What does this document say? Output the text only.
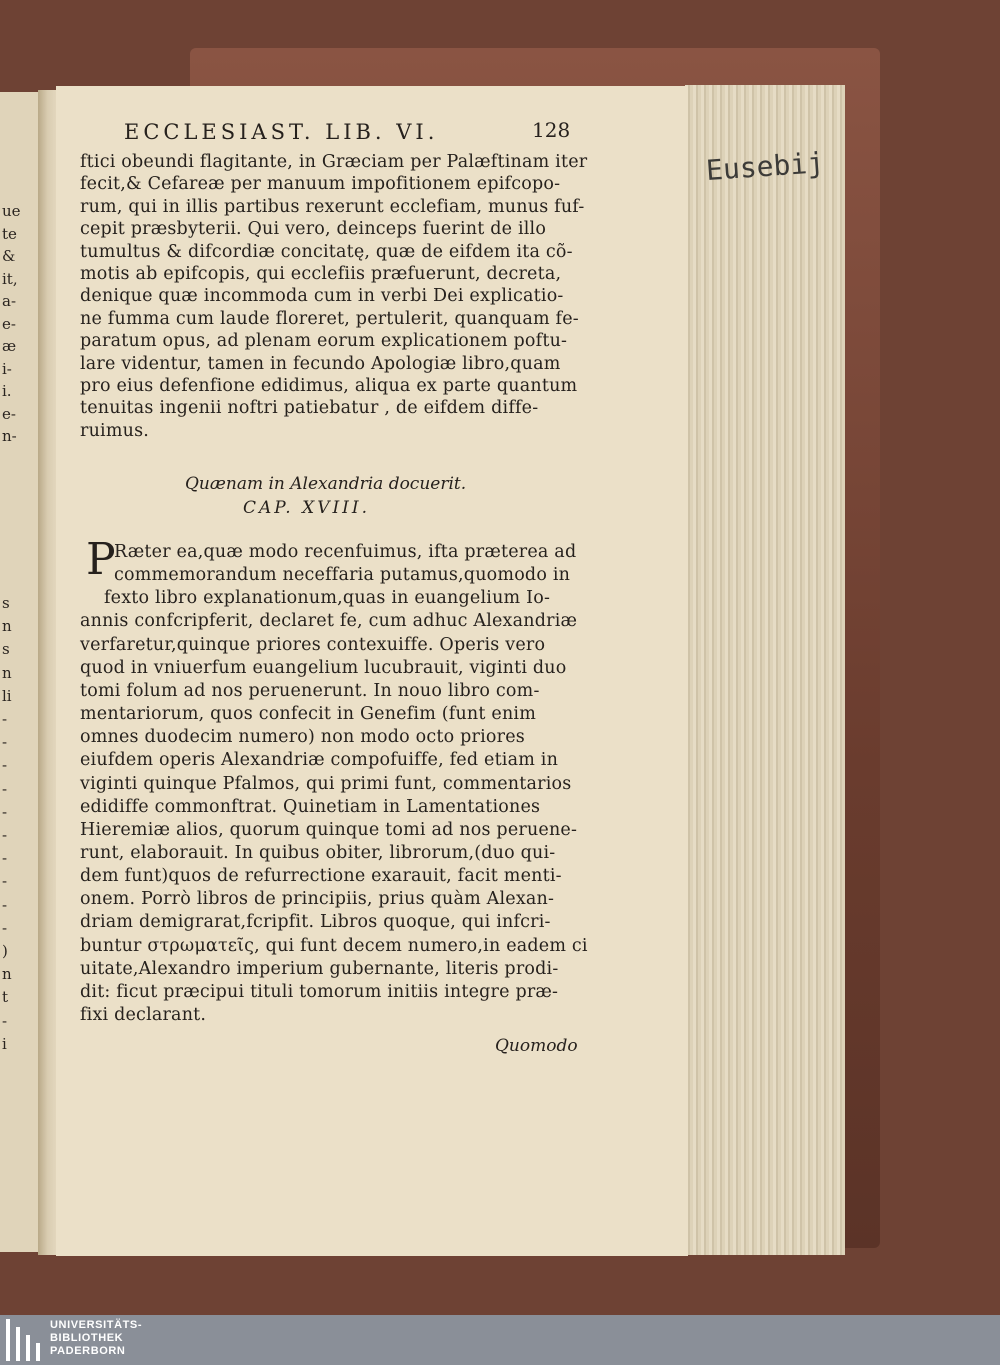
Eusebij
ue
te
&
it,
a-
e-
æ
i-
i.
e-
n-
s
n
s
n
li
-
-
-
-
-
-
-
-
-
-
)
n
t
-
i
ECCLESIAST. LIB. VI.	128
ftici obeundi flagitante, in Græciam per Palæftinam iter
fecit,& Cefareæ per manuum impofitionem epifcopo-
rum, qui in illis partibus rexerunt ecclefiam, munus fuf-
cepit præsbyterii. Qui vero, deinceps fuerint de illo
tumultus & difcordiæ concitatę, quæ de eifdem ita cõ-
motis ab epifcopis, qui ecclefiis præfuerunt, decreta,
denique quæ incommoda cum in verbi Dei explicatio-
ne fumma cum laude floreret, pertulerit, quanquam fe-
paratum opus, ad plenam eorum explicationem poftu-
lare videntur, tamen in fecundo Apologiæ libro,quam
pro eius defenfione edidimus, aliqua ex parte quantum
tenuitas ingenii noftri patiebatur , de eifdem diffe-
ruimus.
Quænam in Alexandria docuerit.
CAP. XVIII.
P
Ræter ea,quæ modo recenfuimus, ifta præterea ad
commemorandum neceffaria putamus,quomodo in
fexto libro explanationum,quas in euangelium Io-
annis confcripferit, declaret fe, cum adhuc Alexandriæ
verfaretur,quinque priores contexuiffe. Operis vero
quod in vniuerfum euangelium lucubrauit, viginti duo
tomi folum ad nos peruenerunt. In nouo libro com-
mentariorum, quos confecit in Genefim (funt enim
omnes duodecim numero) non modo octo priores
eiufdem operis Alexandriæ compofuiffe, fed etiam in
viginti quinque Pfalmos, qui primi funt, commentarios
edidiffe commonftrat. Quinetiam in Lamentationes
Hieremiæ alios, quorum quinque tomi ad nos peruene-
runt, elaborauit. In quibus obiter, librorum,(duo qui-
dem funt)quos de refurrectione exarauit, facit menti-
onem. Porrò libros de principiis, prius quàm Alexan-
driam demigrarat,fcripfit. Libros quoque, qui infcri-
buntur στρωματεῖς, qui funt decem numero,in eadem ci
uitate,Alexandro imperium gubernante, literis prodi-
dit: ficut præcipui tituli tomorum initiis integre præ-
fixi declarant.
Quomodo
UNIVERSITÄTS-
BIBLIOTHEK
PADERBORN
